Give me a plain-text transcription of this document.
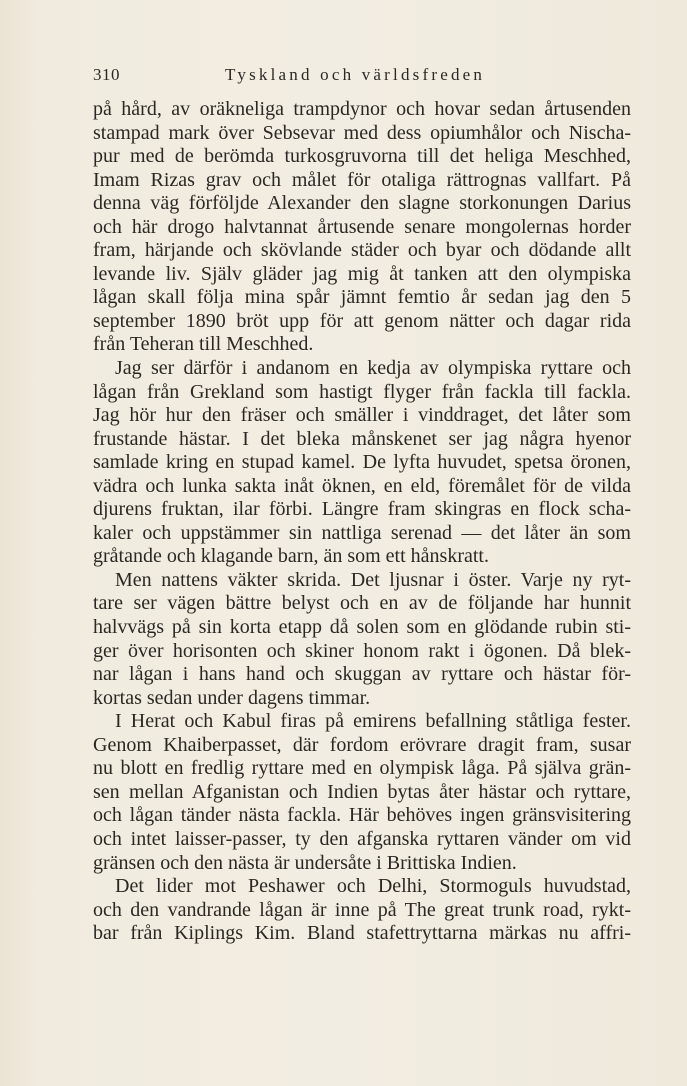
310	Tyskland och världsfreden
på hård, av oräkneliga trampdynor och hovar sedan årtusenden
stampad mark över Sebsevar med dess opiumhålor och Nischa-
pur med de berömda turkosgruvorna till det heliga Meschhed,
Imam Rizas grav och målet för otaliga rättrognas vallfart. På
denna väg förföljde Alexander den slagne storkonungen Darius
och här drogo halvtannat årtusende senare mongolernas horder
fram, härjande och skövlande städer och byar och dödande allt
levande liv. Själv gläder jag mig åt tanken att den olympiska
lågan skall följa mina spår jämnt femtio år sedan jag den 5
september 1890 bröt upp för att genom nätter och dagar rida
från Teheran till Meschhed.
Jag ser därför i andanom en kedja av olympiska ryttare och
lågan från Grekland som hastigt flyger från fackla till fackla.
Jag hör hur den fräser och smäller i vinddraget, det låter som
frustande hästar. I det bleka månskenet ser jag några hyenor
samlade kring en stupad kamel. De lyfta huvudet, spetsa öronen,
vädra och lunka sakta inåt öknen, en eld, föremålet för de vilda
djurens fruktan, ilar förbi. Längre fram skingras en flock scha-
kaler och uppstämmer sin nattliga serenad — det låter än som
gråtande och klagande barn, än som ett hånskratt.
Men nattens väkter skrida. Det ljusnar i öster. Varje ny ryt-
tare ser vägen bättre belyst och en av de följande har hunnit
halvvägs på sin korta etapp då solen som en glödande rubin sti-
ger över horisonten och skiner honom rakt i ögonen. Då blek-
nar lågan i hans hand och skuggan av ryttare och hästar för-
kortas sedan under dagens timmar.
I Herat och Kabul firas på emirens befallning ståtliga fester.
Genom Khaiberpasset, där fordom erövrare dragit fram, susar
nu blott en fredlig ryttare med en olympisk låga. På själva grän-
sen mellan Afganistan och Indien bytas åter hästar och ryttare,
och lågan tänder nästa fackla. Här behöves ingen gränsvisitering
och intet laisser-passer, ty den afganska ryttaren vänder om vid
gränsen och den nästa är undersåte i Brittiska Indien.
Det lider mot Peshawer och Delhi, Stormoguls huvudstad,
och den vandrande lågan är inne på The great trunk road, rykt-
bar från Kiplings Kim. Bland stafettryttarna märkas nu affri-
